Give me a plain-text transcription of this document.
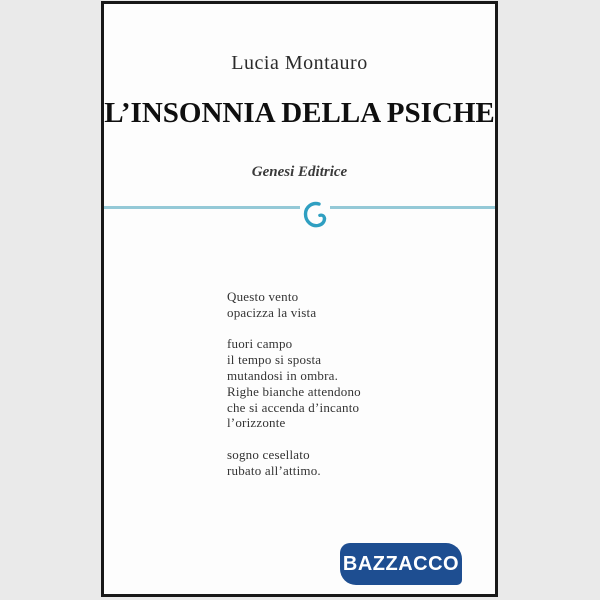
Lucia Montauro
L’INSONNIA DELLA PSICHE
Genesi Editrice
Questo vento
opacizza la vista
fuori campo
il tempo si sposta
mutandosi in ombra.
Righe bianche attendono
che si accenda d’incanto
l’orizzonte
sogno cesellato
rubato all’attimo.
BAZZACCO
